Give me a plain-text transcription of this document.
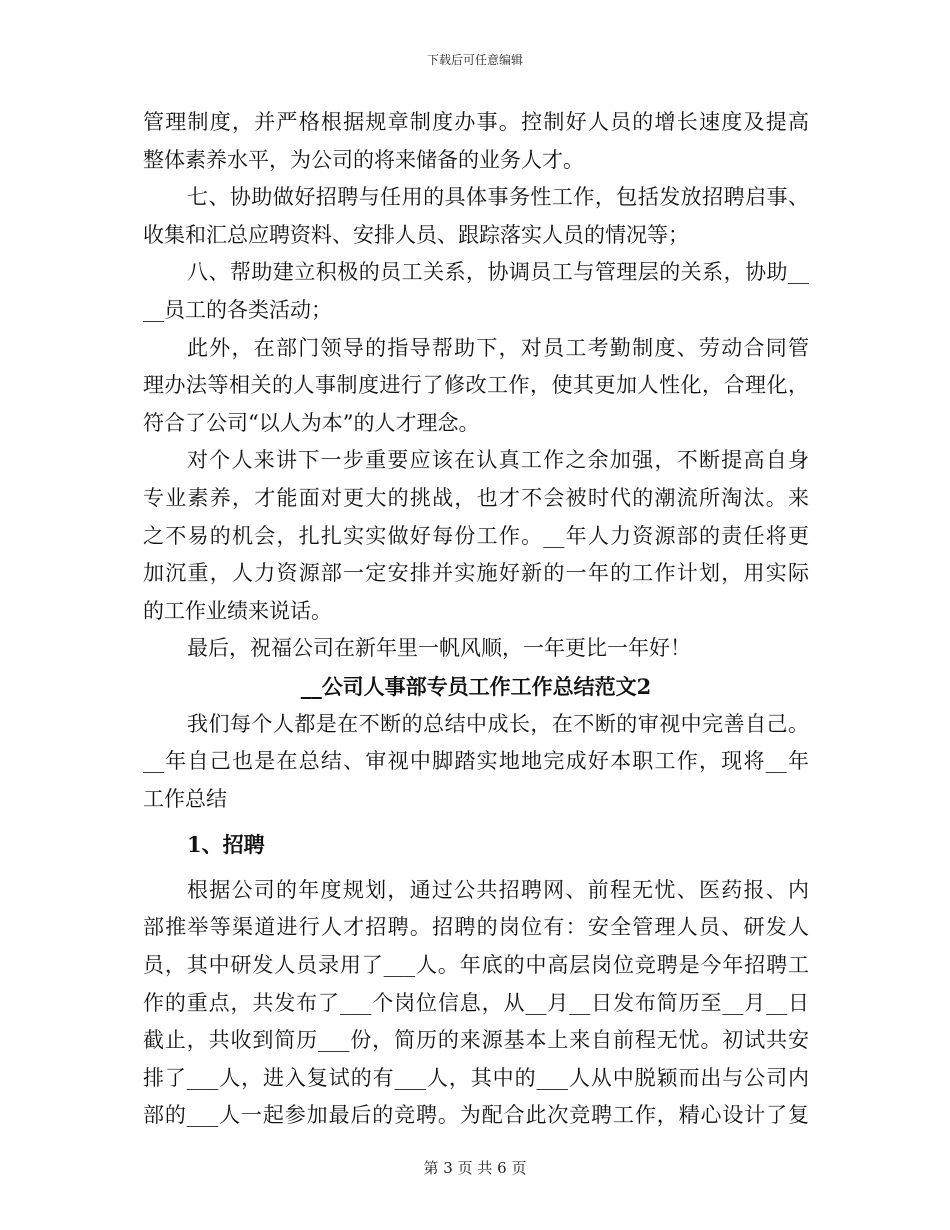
下载后可任意编辑
管理制度，并严格根据规章制度办事。控制好人员的增长速度及提高
整体素养水平，为公司的将来储备的业务人才。
七、协助做好招聘与任用的具体事务性工作，包括发放招聘启事、
收集和汇总应聘资料、安排人员、跟踪落实人员的情况等；
八、帮助建立积极的员工关系，协调员工与管理层的关系，协助__
__员工的各类活动；
此外，在部门领导的指导帮助下，对员工考勤制度、劳动合同管
理办法等相关的人事制度进行了修改工作，使其更加人性化，合理化，
符合了公司“以人为本”的人才理念。
对个人来讲下一步重要应该在认真工作之余加强，不断提高自身
专业素养，才能面对更大的挑战，也才不会被时代的潮流所淘汰。来
之不易的机会，扎扎实实做好每份工作。__年人力资源部的责任将更
加沉重，人力资源部一定安排并实施好新的一年的工作计划，用实际
的工作业绩来说话。
最后，祝福公司在新年里一帆风顺，一年更比一年好！
__公司人事部专员工作工作总结范文2
我们每个人都是在不断的总结中成长，在不断的审视中完善自己。
__年自己也是在总结、审视中脚踏实地地完成好本职工作，现将__年
工作总结
1、招聘
根据公司的年度规划，通过公共招聘网、前程无忧、医药报、内
部推举等渠道进行人才招聘。招聘的岗位有：安全管理人员、研发人
员，其中研发人员录用了___人。年底的中高层岗位竞聘是今年招聘工
作的重点，共发布了___个岗位信息，从__月__日发布简历至__月__日
截止，共收到简历___份，简历的来源基本上来自前程无忧。初试共安
排了___人，进入复试的有___人，其中的___人从中脱颖而出与公司内
部的___人一起参加最后的竞聘。为配合此次竞聘工作，精心设计了复
第 3 页 共 6 页
